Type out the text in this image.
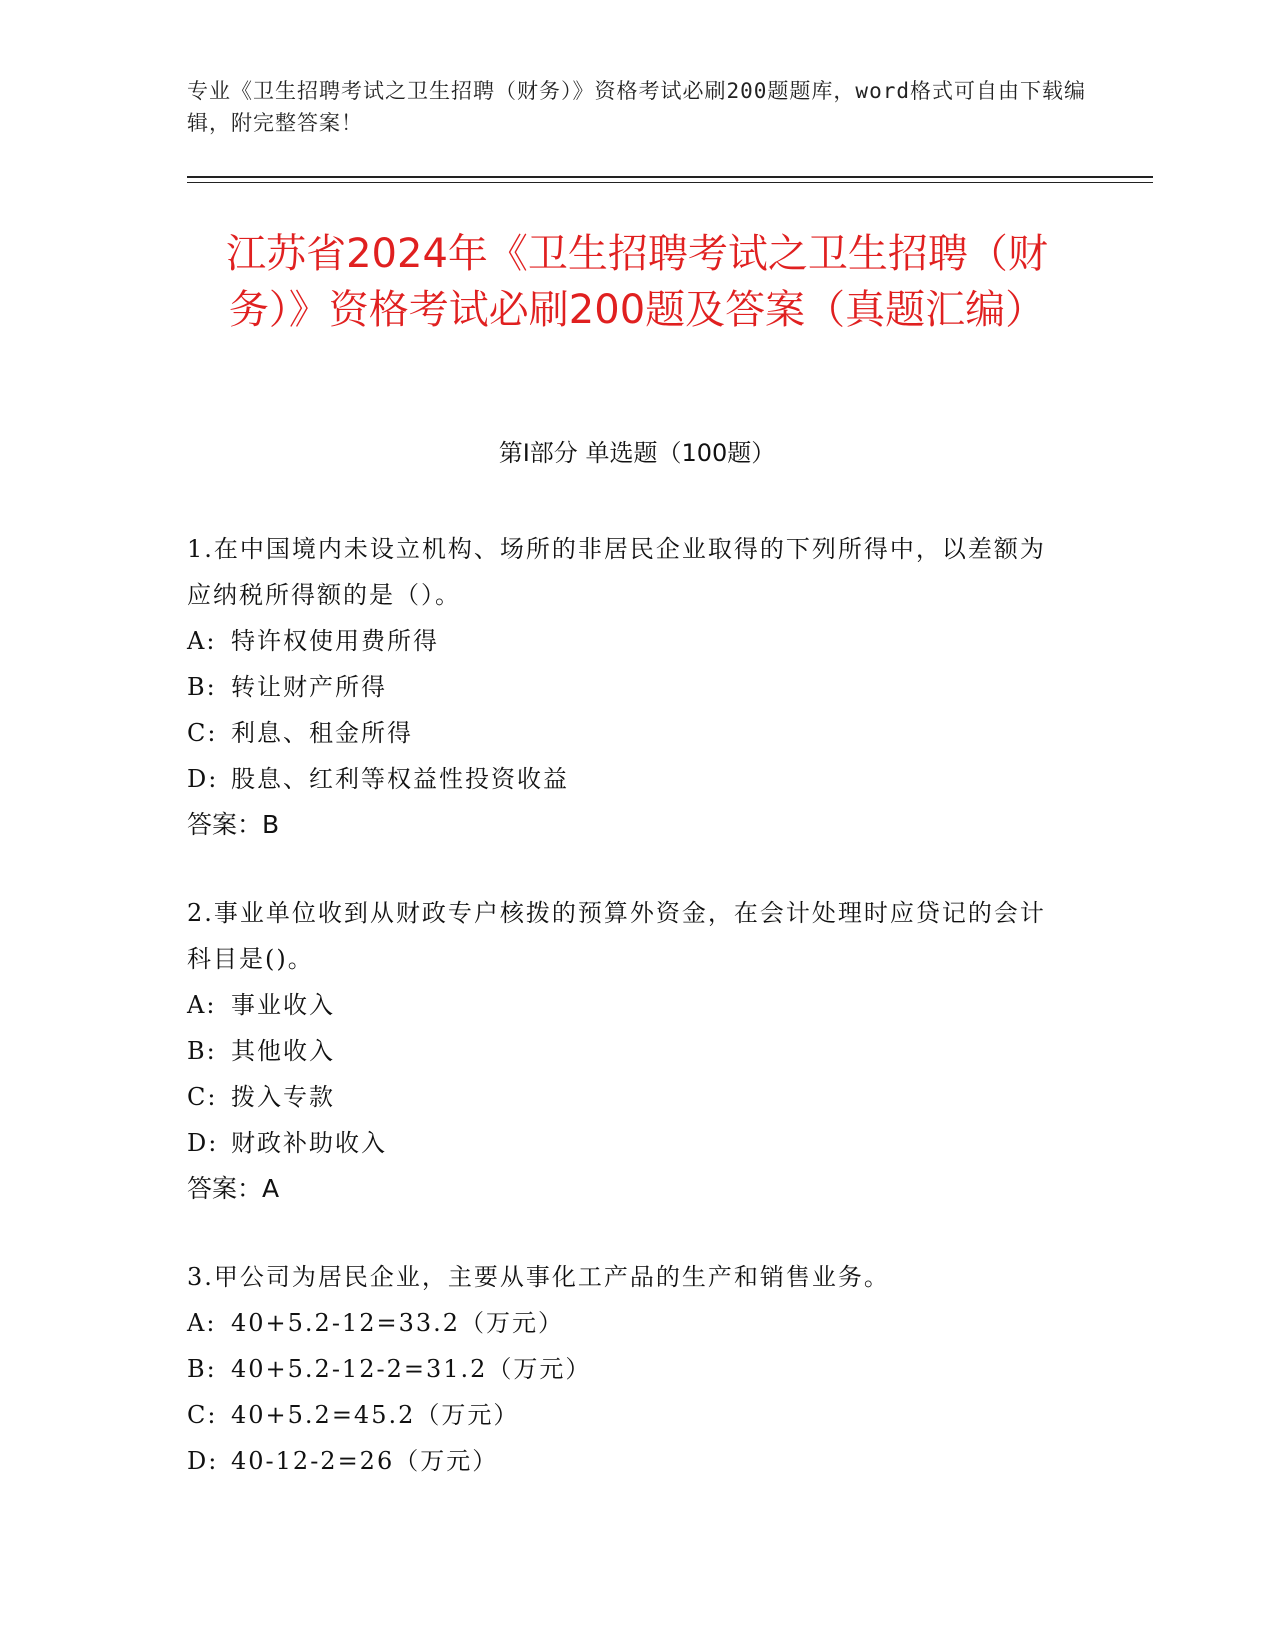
专业《卫生招聘考试之卫生招聘（财务）》资格考试必刷200题题库，word格式可自由下载编辑，附完整答案！
江苏省2024年《卫生招聘考试之卫生招聘（财务）》资格考试必刷200题及答案（真题汇编）
第Ⅰ部分 单选题（100题）

1.在中国境内未设立机构、场所的非居民企业取得的下列所得中，以差额为应纳税所得额的是（）。

A: 特许权使用费所得

B: 转让财产所得

C: 利息、租金所得

D: 股息、红利等权益性投资收益

答案：B

2.事业单位收到从财政专户核拨的预算外资金，在会计处理时应贷记的会计科目是()。

A: 事业收入

B: 其他收入

C: 拨入专款

D: 财政补助收入

答案：A

3.甲公司为居民企业，主要从事化工产品的生产和销售业务。

A: 40+5.2-12=33.2（万元）

B: 40+5.2-12-2=31.2（万元）

C: 40+5.2=45.2（万元）

D: 40-12-2=26（万元）
